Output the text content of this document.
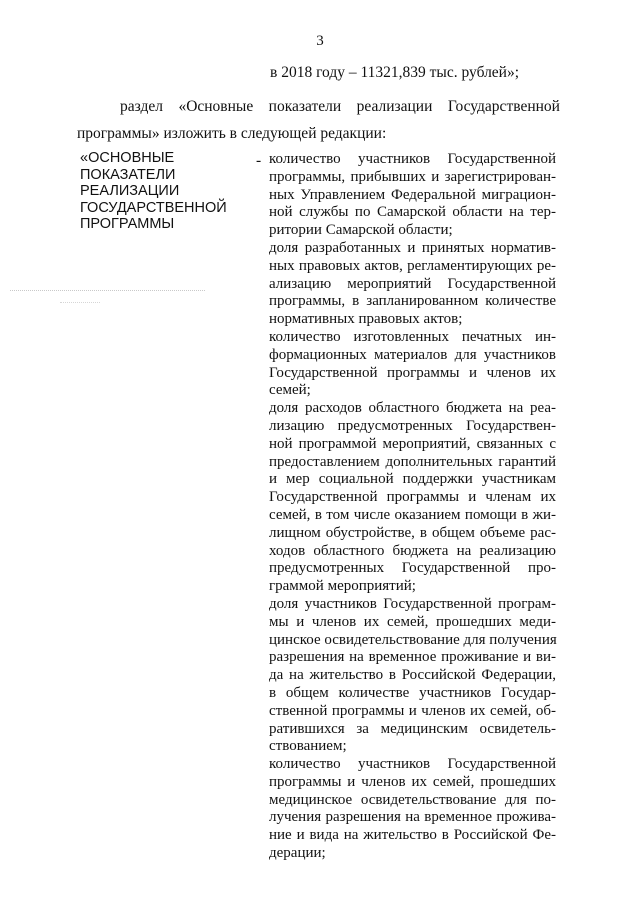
3
в 2018 году – 11321,839 тыс. рублей»;
раздел «Основные показатели реализации Государственной
программы» изложить в следующей редакции:
«ОСНОВНЫЕ
ПОКАЗАТЕЛИ
РЕАЛИЗАЦИИ
ГОСУДАРСТВЕННОЙ
ПРОГРАММЫ
- количество участников Государственной
программы, прибывших и зарегистрирован-
ных Управлением Федеральной миграцион-
ной службы по Самарской области на тер-
ритории Самарской области;
доля разработанных и принятых норматив-
ных правовых актов, регламентирующих ре-
ализацию мероприятий Государственной
программы, в запланированном количестве
нормативных правовых актов;
количество изготовленных печатных ин-
формационных материалов для участников
Государственной программы и членов их
семей;
доля расходов областного бюджета на реа-
лизацию предусмотренных Государствен-
ной программой мероприятий, связанных с
предоставлением дополнительных гарантий
и мер социальной поддержки участникам
Государственной программы и членам их
семей, в том числе оказанием помощи в жи-
лищном обустройстве, в общем объеме рас-
ходов областного бюджета на реализацию
предусмотренных Государственной про-
граммой мероприятий;
доля участников Государственной програм-
мы и членов их семей, прошедших меди-
цинское освидетельствование для получения
разрешения на временное проживание и ви-
да на жительство в Российской Федерации,
в общем количестве участников Государ-
ственной программы и членов их семей, об-
ратившихся за медицинским освидетель-
ствованием;
количество участников Государственной
программы и членов их семей, прошедших
медицинское освидетельствование для по-
лучения разрешения на временное прожива-
ние и вида на жительство в Российской Фе-
дерации;
